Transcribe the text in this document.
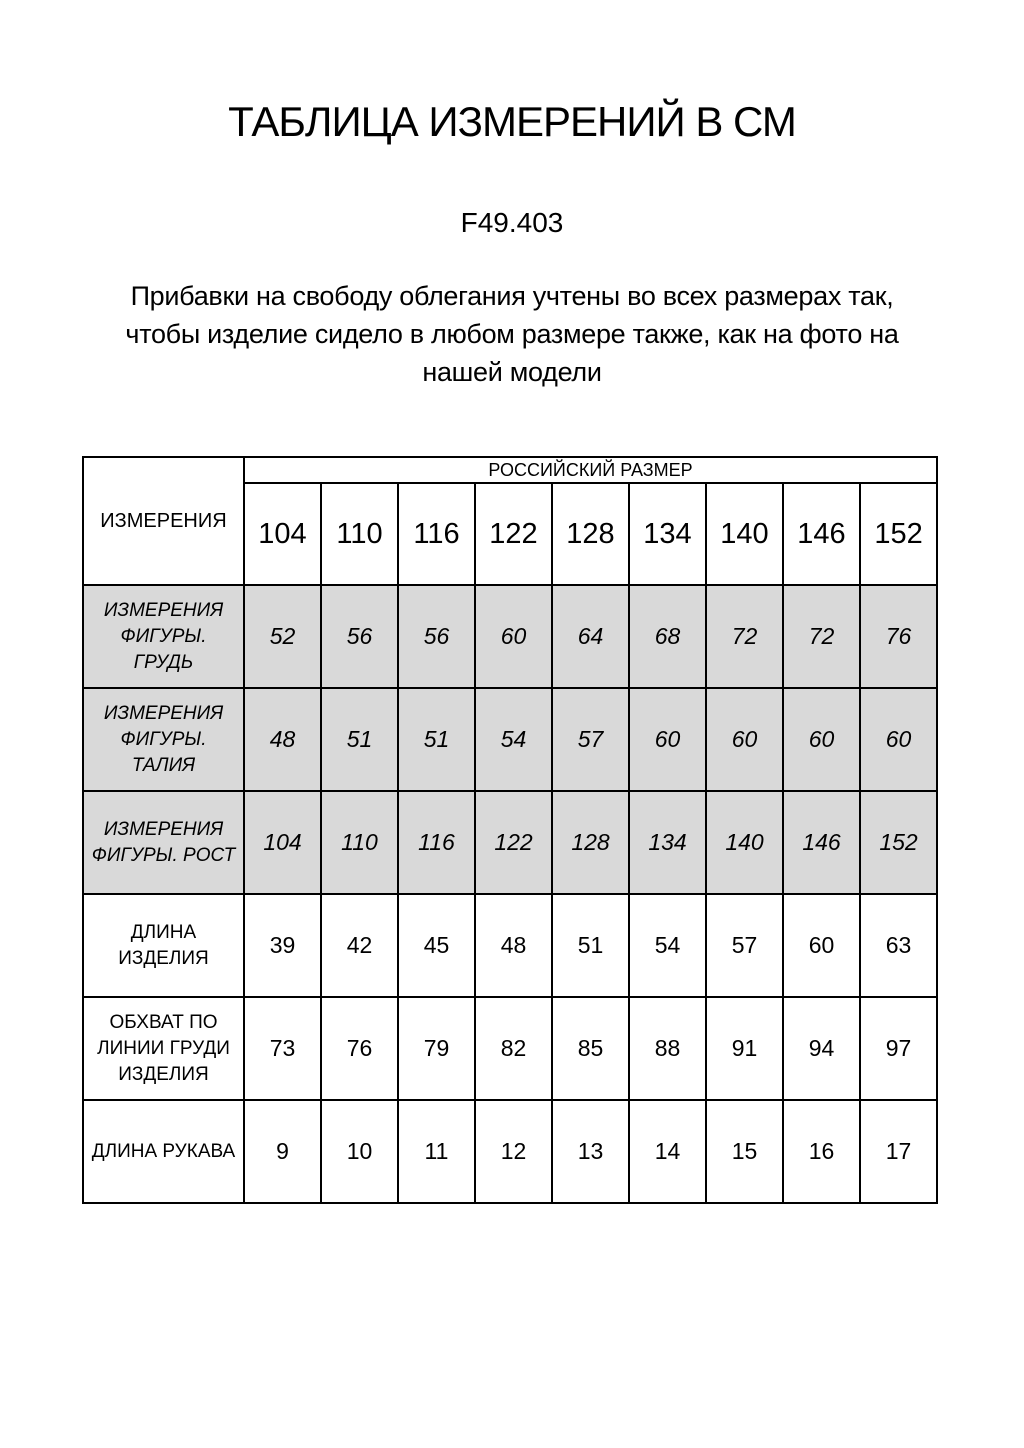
ТАБЛИЦА ИЗМЕРЕНИЙ В СМ
F49.403
Прибавки на свободу облегания учтены во всех размерах так,
чтобы изделие сидело в любом размере также, как на фото на
нашей модели
ИЗМЕРЕНИЯ	РОССИЙСКИЙ РАЗМЕР								
	104	110	116	122	128	134	140	146	152
ИЗМЕРЕНИЯ ФИГУРЫ. ГРУДЬ	52	56	56	60	64	68	72	72	76
ИЗМЕРЕНИЯ ФИГУРЫ. ТАЛИЯ	48	51	51	54	57	60	60	60	60
ИЗМЕРЕНИЯ ФИГУРЫ. РОСТ	104	110	116	122	128	134	140	146	152
ДЛИНА ИЗДЕЛИЯ	39	42	45	48	51	54	57	60	63
ОБХВАТ ПО ЛИНИИ ГРУДИ ИЗДЕЛИЯ	73	76	79	82	85	88	91	94	97
ДЛИНА РУКАВА	9	10	11	12	13	14	15	16	17
